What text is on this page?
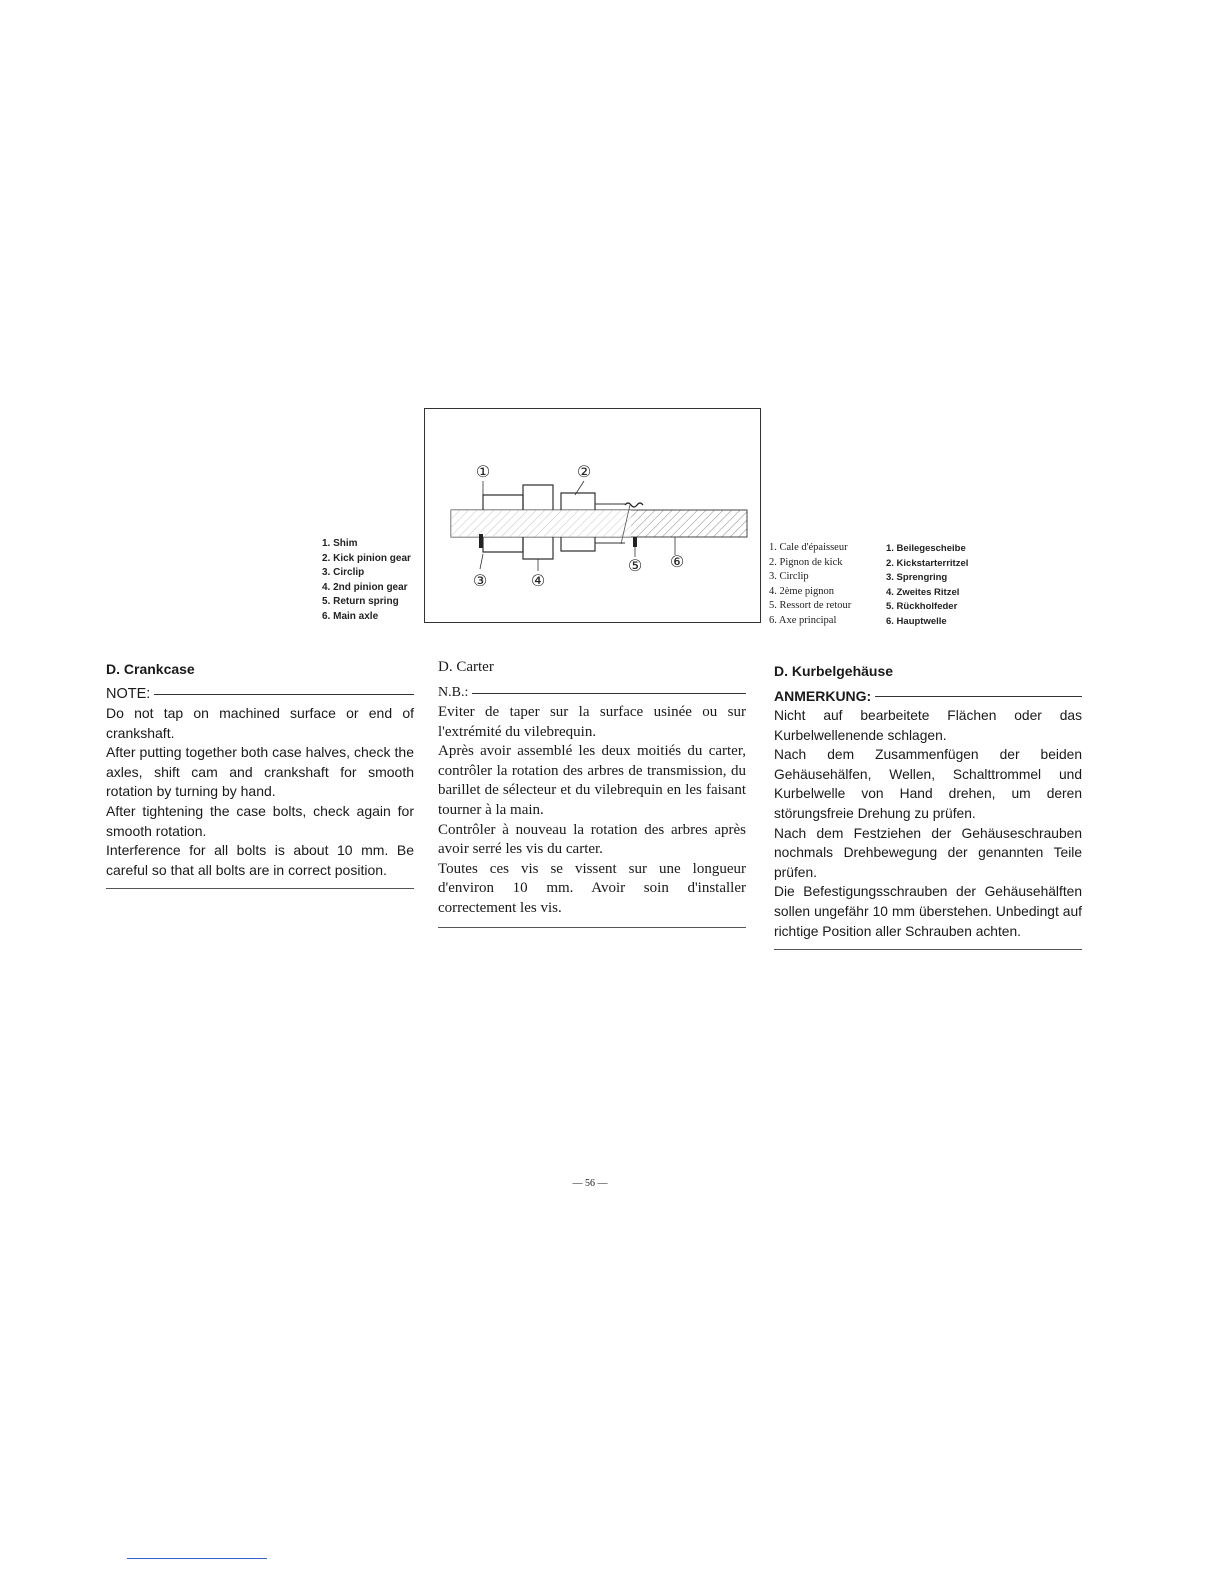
①	②
③	④
⑤ ⑥
1. Shim
2. Kick pinion gear
3. Circlip
4. 2nd pinion gear
5. Return spring
6. Main axle
1. Cale d'épaisseur
2. Pignon de kick
3. Circlip
4. 2ème pignon
5. Ressort de retour
6. Axe principal
1. Beilegescheibe
2. Kickstarterritzel
3. Sprengring
4. Zweites Ritzel
5. Rückholfeder
6. Hauptwelle
D. Crankcase
NOTE:

Do not tap on machined surface or end of crankshaft.

After putting together both case halves, check the axles, shift cam and crankshaft for smooth rotation by turning by hand.

After tightening the case bolts, check again for smooth rotation.

Interference for all bolts is about 10 mm. Be careful so that all bolts are in correct position.

D. Carter
N.B.:

Eviter de taper sur la surface usinée ou sur l'extrémité du vilebrequin.

Après avoir assemblé les deux moitiés du carter, contrôler la rotation des arbres de transmission, du barillet de sélecteur et du vilebrequin en les faisant tourner à la main.

Contrôler à nouveau la rotation des arbres après avoir serré les vis du carter.

Toutes ces vis se vissent sur une longueur d'environ 10 mm. Avoir soin d'installer correctement les vis.

D. Kurbelgehäuse
ANMERKUNG:

Nicht auf bearbeitete Flächen oder das Kurbelwellenende schlagen.

Nach dem Zusammenfügen der beiden Gehäusehälfen, Wellen, Schalttrommel und Kurbelwelle von Hand drehen, um deren störungsfreie Drehung zu prüfen.

Nach dem Festziehen der Gehäuseschrauben nochmals Drehbewegung der genannten Teile prüfen.

Die Befestigungsschrauben der Gehäusehälften sollen ungefähr 10 mm überstehen. Unbedingt auf richtige Position aller Schrauben achten.

— 56 —
